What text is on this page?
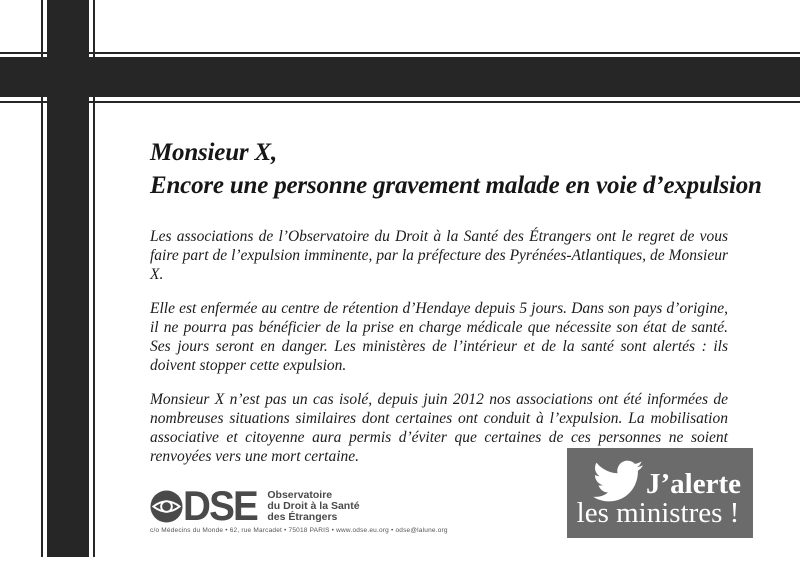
Monsieur X,
Encore une personne gravement malade en voie d’expulsion

Les associations de l’Observatoire du Droit à la Santé des Étrangers ont le regret de vous faire part de l’expulsion imminente, par la préfecture des Pyrénées-Atlantiques, de Monsieur X.

Elle est enfermée au centre de rétention d’Hendaye depuis 5 jours. Dans son pays d’origine, il ne pourra pas bénéficier de la prise en charge médicale que nécessite son état de santé. Ses jours seront en danger. Les ministères de l’intérieur et de la santé sont alertés : ils doivent stopper cette expulsion.

Monsieur X n’est pas un cas isolé, depuis juin 2012 nos associations ont été informées de nombreuses situations similaires dont certaines ont conduit à l’expulsion. La mobilisation associative et citoyenne aura permis d’éviter que certaines de ces personnes ne soient renvoyées vers une mort certaine.

DSE Observatoire
du Droit à la Santé
des Étrangers
c/o Médecins du Monde • 62, rue Marcadet • 75018 PARIS • www.odse.eu.org • odse@lalune.org
J’alerte
les ministres !
